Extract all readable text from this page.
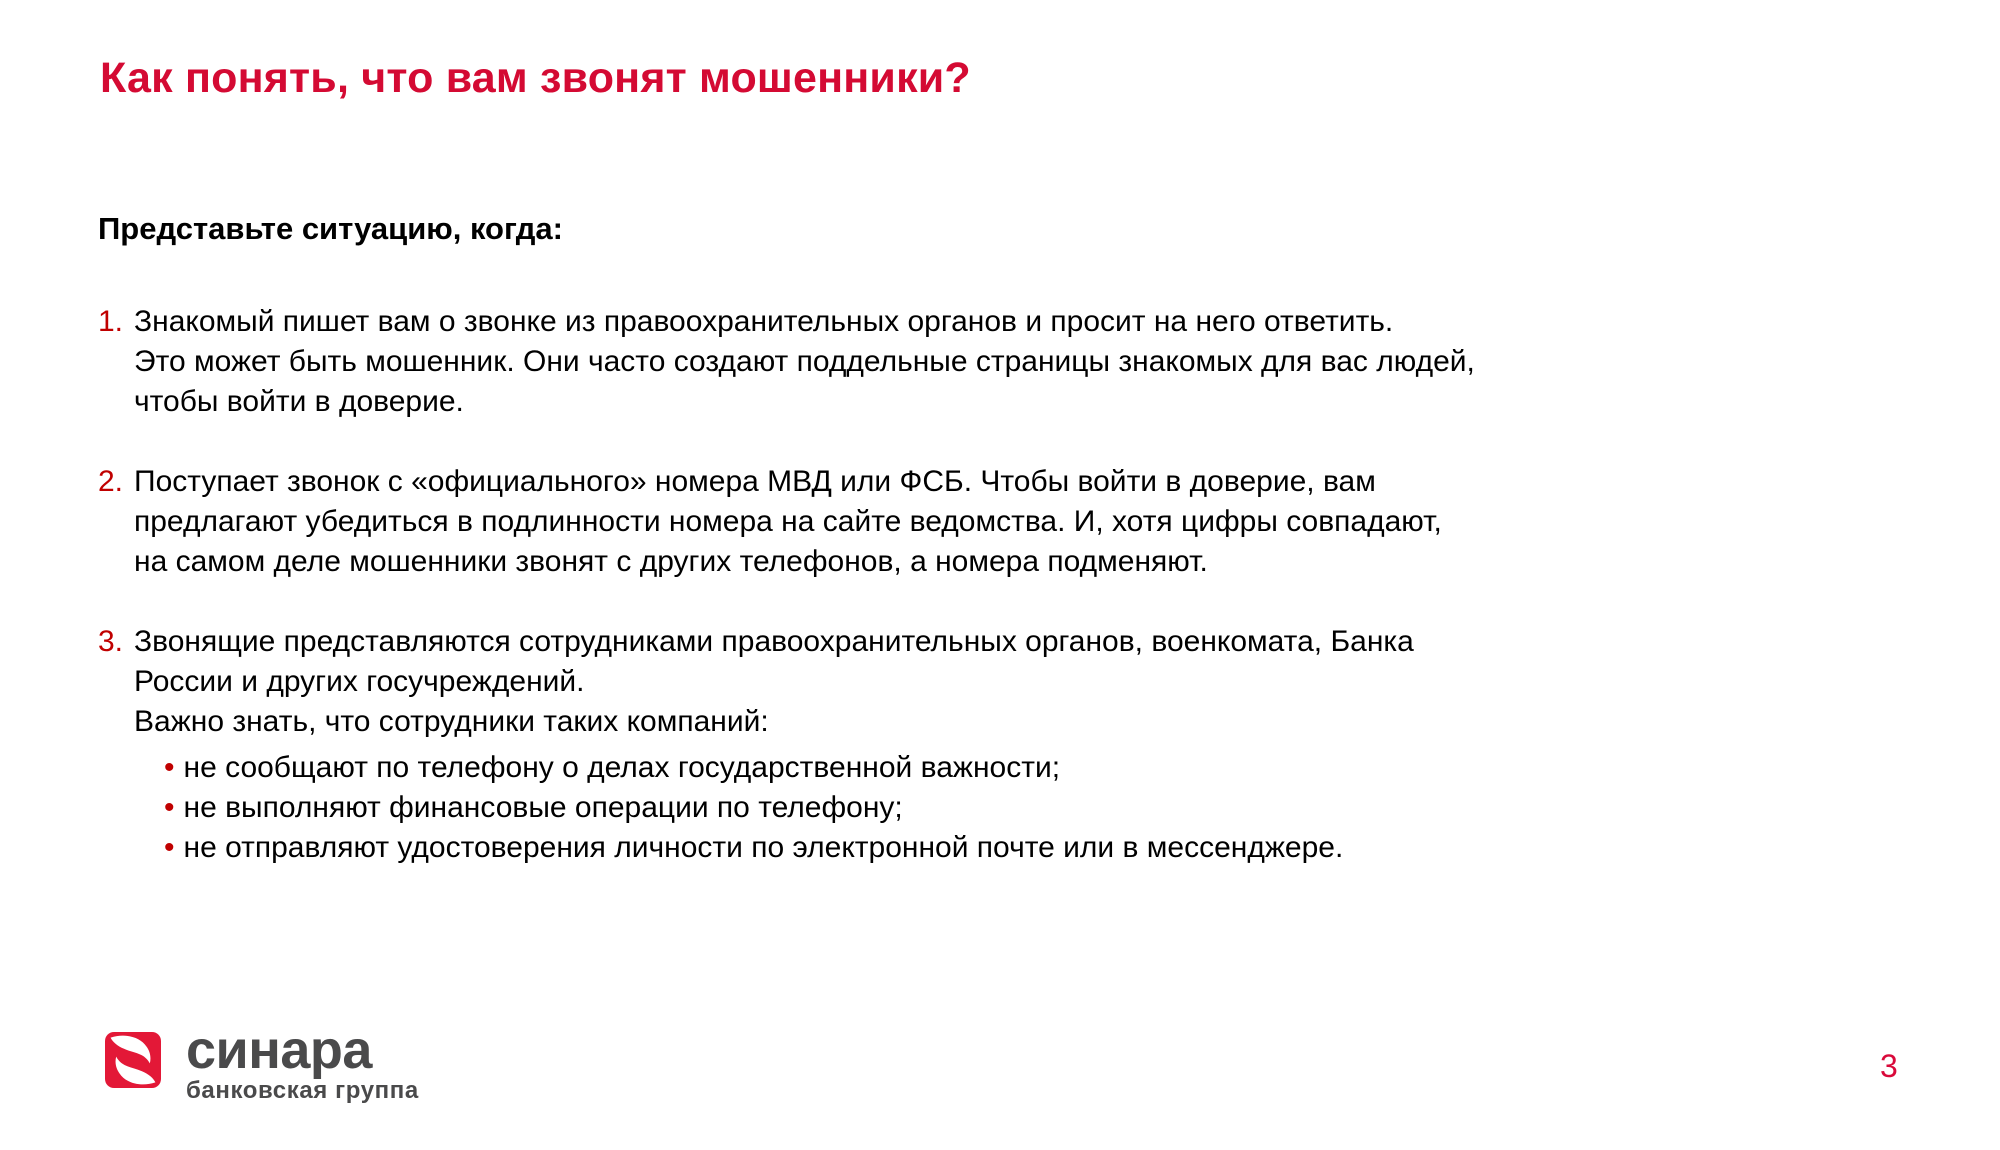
Как понять, что вам звонят мошенники?

Представьте ситуацию, когда:

1. Знакомый пишет вам о звонке из правоохранительных органов и просит на него ответить.
Это может быть мошенник. Они часто создают поддельные страницы знакомых для вас людей,
чтобы войти в доверие.
2. Поступает звонок с «официального» номера МВД или ФСБ. Чтобы войти в доверие, вам
предлагают убедиться в подлинности номера на сайте ведомства. И, хотя цифры совпадают,
на самом деле мошенники звонят с других телефонов, а номера подменяют.
3. Звонящие представляются сотрудниками правоохранительных органов, военкомата, Банка
России и других госучреждений.
Важно знать, что сотрудники таких компаний:
• не сообщают по телефону о делах государственной важности;
• не выполняют финансовые операции по телефону;
• не отправляют удостоверения личности по электронной почте или в мессенджере.
синара
банковская группа
3
